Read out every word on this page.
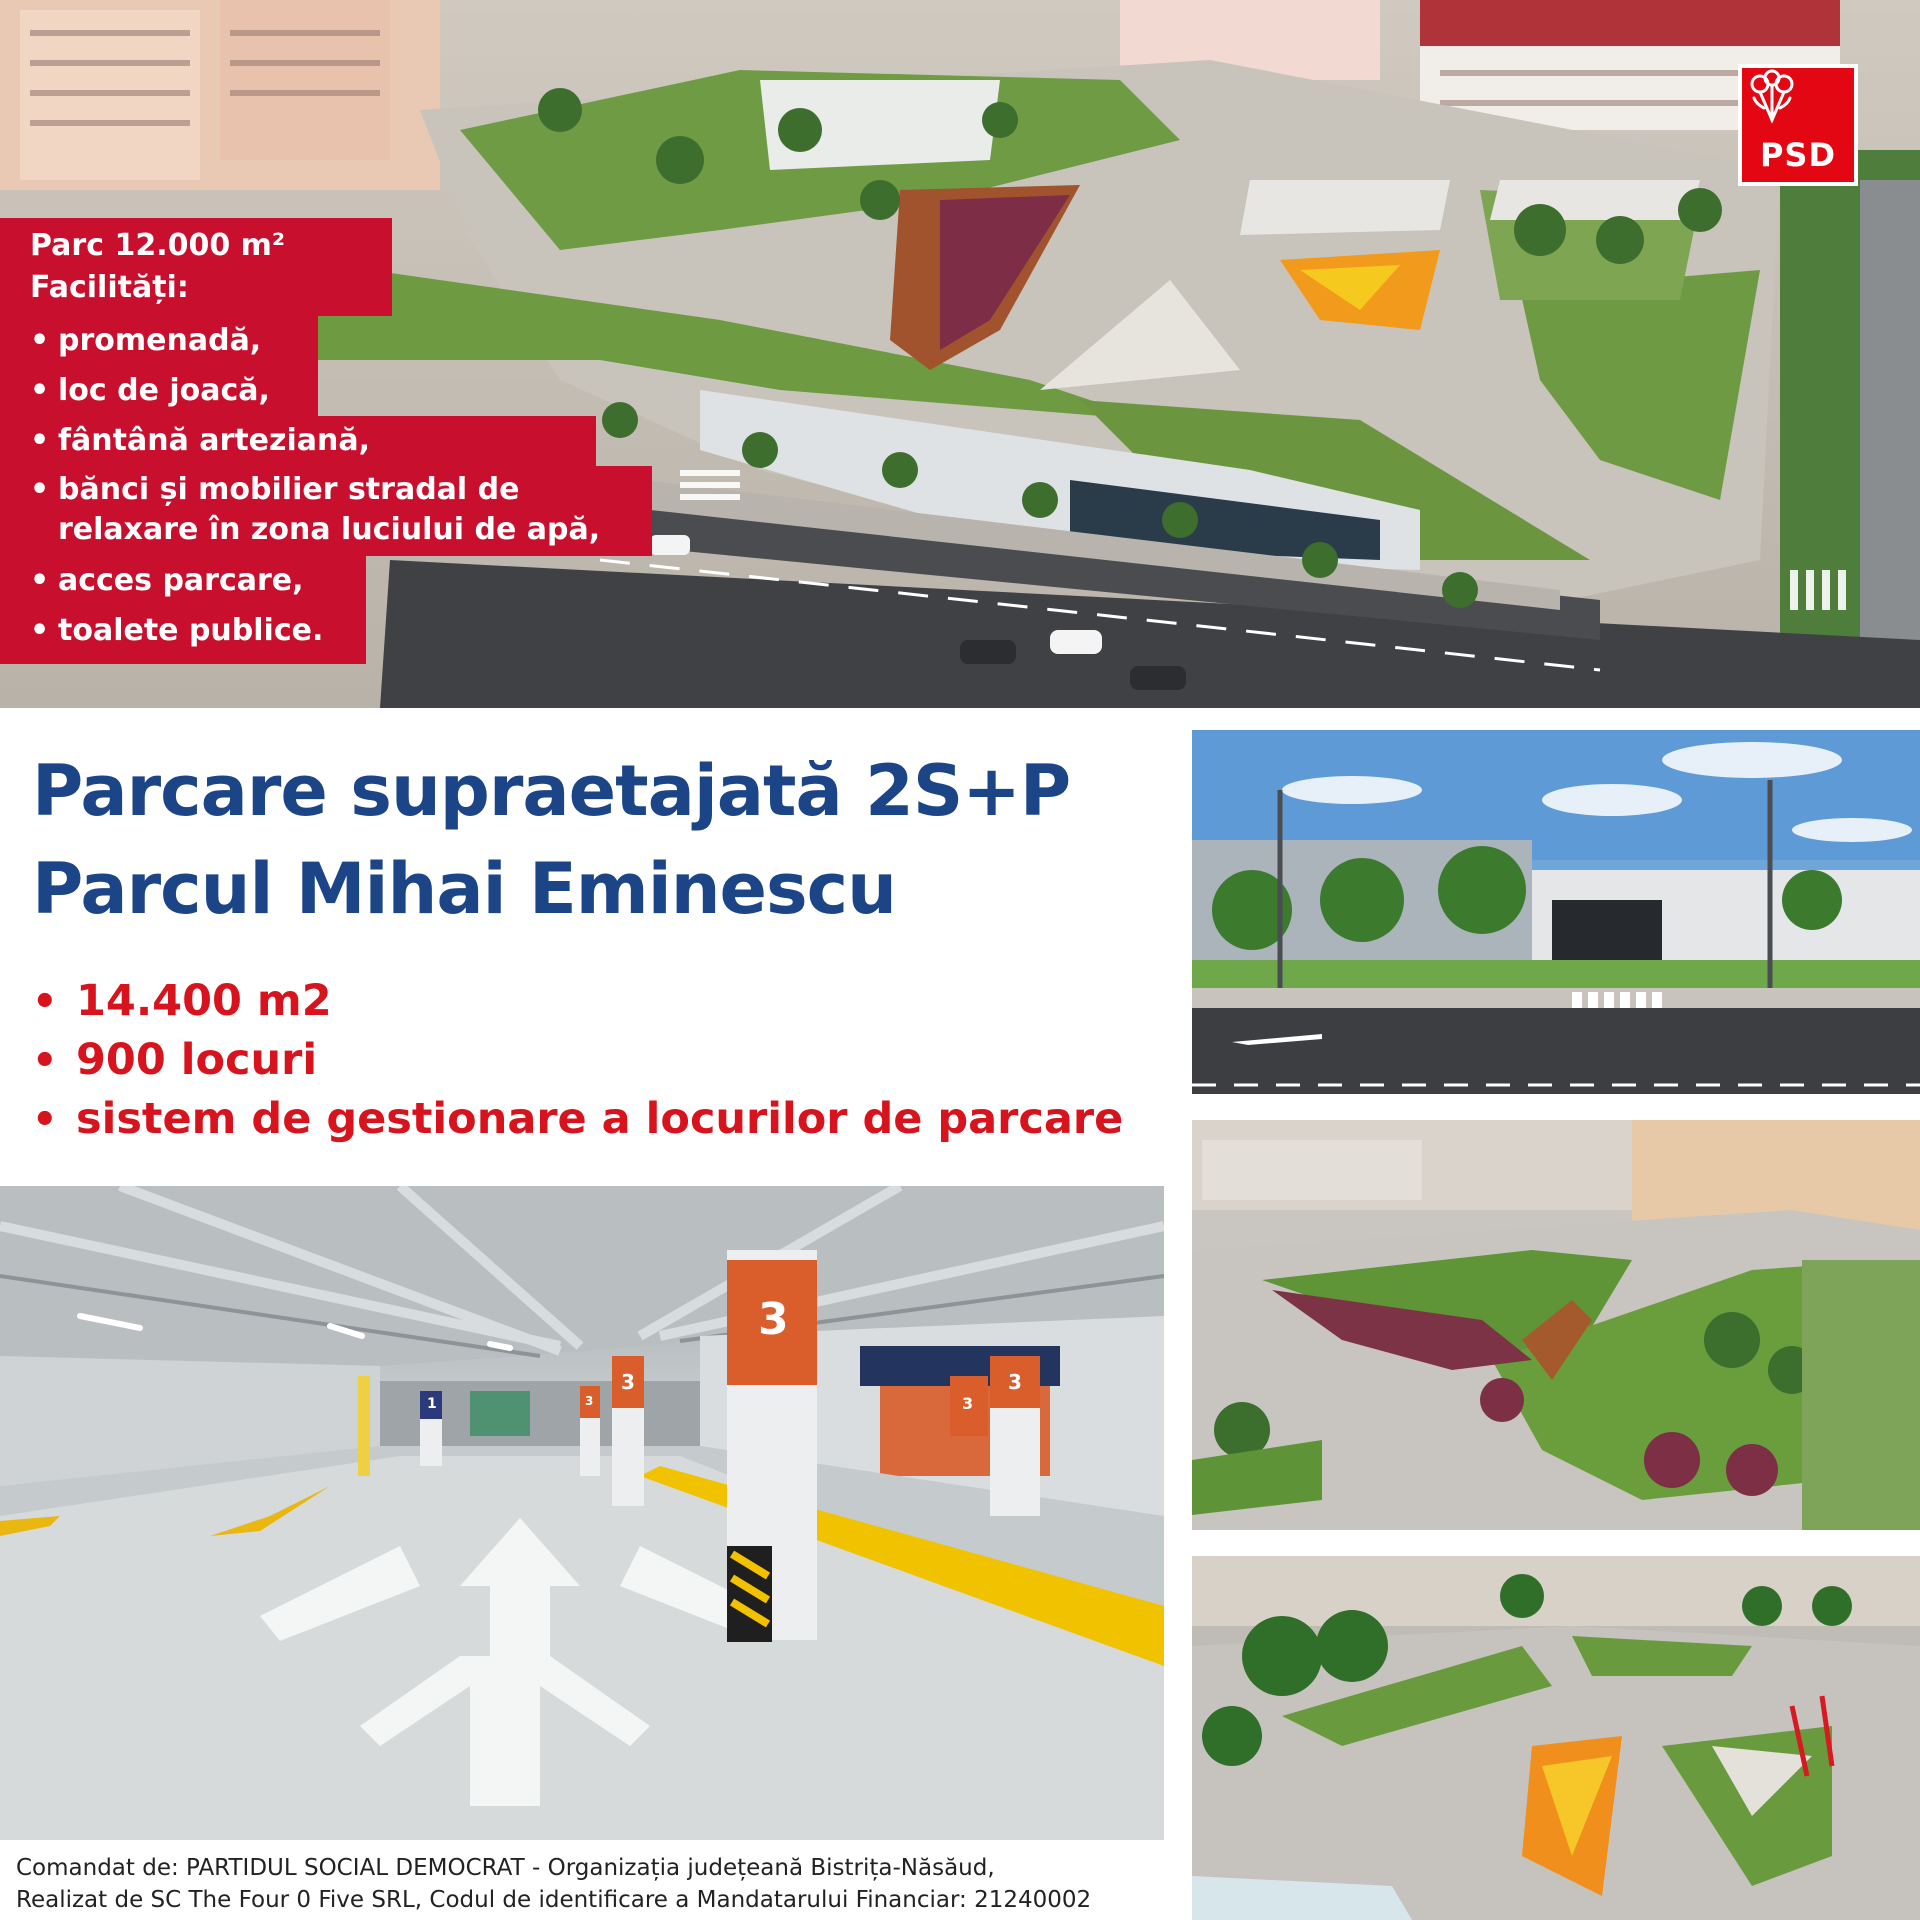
PSD
Parc 12.000 m²
Facilități:
• promenadă,
• loc de joacă,
• fântână arteziană,
• bănci și mobilier stradal de
relaxare în zona luciului de apă,
• acces parcare,
• toalete publice.
Parcare supraetajată 2S+P
Parcul Mihai Eminescu
• 14.400 m2
• 900 locuri
• sistem de gestionare a locurilor de parcare
3
3	3
3
3
1
Comandat de: PARTIDUL SOCIAL DEMOCRAT - Organizația județeană Bistrița-Năsăud,
Realizat de SC The Four 0 Five SRL, Codul de identificare a Mandatarului Financiar: 21240002
